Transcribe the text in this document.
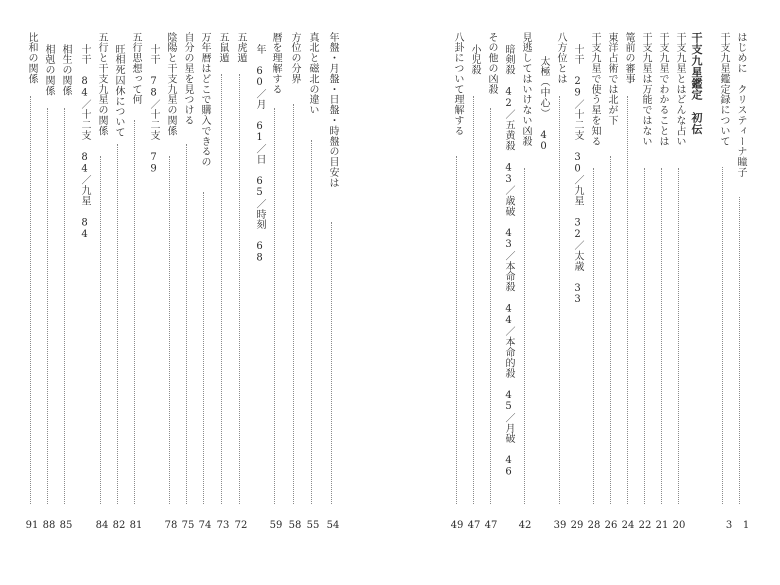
年盤・月盤・日盤・時盤の目安は
真北と磁北の違い
方位の分界
暦を理解する
年 60／月 61／日 65／時刻 68
五虎遁
五鼠遁
万年暦はどこで購入できるの
自分の星を見つける
陰陽と干支九星の関係
十干 78／十二支 79
五行思想って何
旺相死囚休について
五行と干支九星の関係
十干 84／十二支 84／九星 84
相生の関係
相剋の関係
比和の関係
54
55
58
59
72
73
74
75
78
81
82
84
85
88
91
はじめに　クリスティーナ瞳子
干支九星鑑定録について
干支九星鑑定　初伝
干支九星とはどんな占い
干支九星でわかることは
干支九星は万能ではない
篭前の審事
東洋占術では北が下
干支九星で使う星を知る
十干 29／十二支 30／九星 32／太歳 33
八方位とは
太極（中心） 40
見逃してはいけない凶殺
暗剣殺 42／五黄殺 43／歳破 43／本命殺 44／本命的殺 45／月破 46
その他の凶殺
小児殺
八卦について理解する
1
3
20
21
22
24
26
28
29
39
42
47
47
49
